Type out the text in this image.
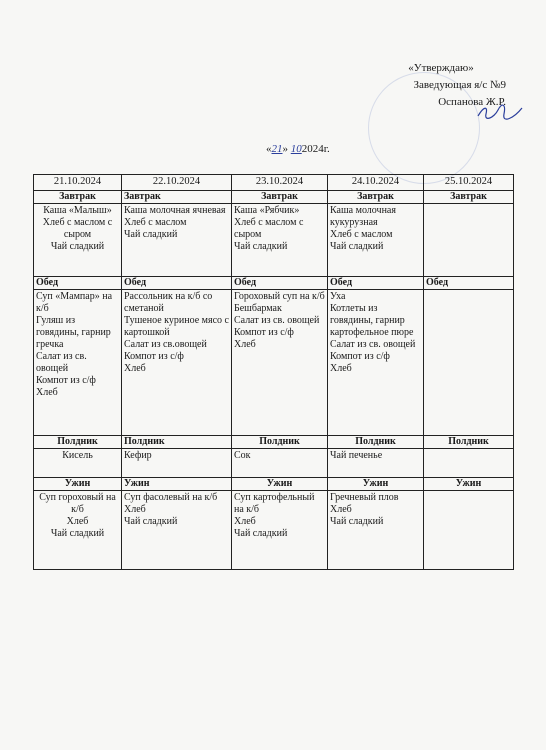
«Утверждаю»
Заведующая я/с №9
Оспанова Ж.Р.
«21» 102024г.
21.10.2024	22.10.2024	23.10.2024	24.10.2024	25.10.2024
Завтрак	Завтрак	Завтрак	Завтрак	Завтрак

Каша «Малыш»
Хлеб с маслом с сыром
Чай сладкий	Каша молочная ячневая
Хлеб с маслом
Чай сладкий	Каша «Рябчик»
Хлеб с маслом с сыром
Чай сладкий	Каша молочная кукурузная
Хлеб с маслом
Чай сладкий	

Обед	Обед	Обед	Обед	Обед

Суп «Мампар» на к/б
Гуляш из говядины, гарнир гречка
Салат из св. овощей
Компот из с/ф
Хлеб	Рассольник на к/б со сметаной
Тушеное куриное мясо с картошкой
Салат из св.овощей
Компот из с/ф
Хлеб	Гороховый суп на к/б
Бешбармак
Салат из св. овощей
Компот из с/ф
Хлеб	Уха
Котлеты из говядины, гарнир картофельное пюре
Салат из св. овощей
Компот из с/ф
Хлеб	

Полдник	Полдник	Полдник	Полдник	Полдник

Кисель	Кефир	Сок	Чай печенье	

Ужин	Ужин	Ужин	Ужин	Ужин

Суп гороховый на к/б
Хлеб
Чай сладкий	Суп фасолевый на к/б
Хлеб
Чай сладкий	Суп картофельный на к/б
Хлеб
Чай сладкий	Гречневый плов
Хлеб
Чай сладкий	
